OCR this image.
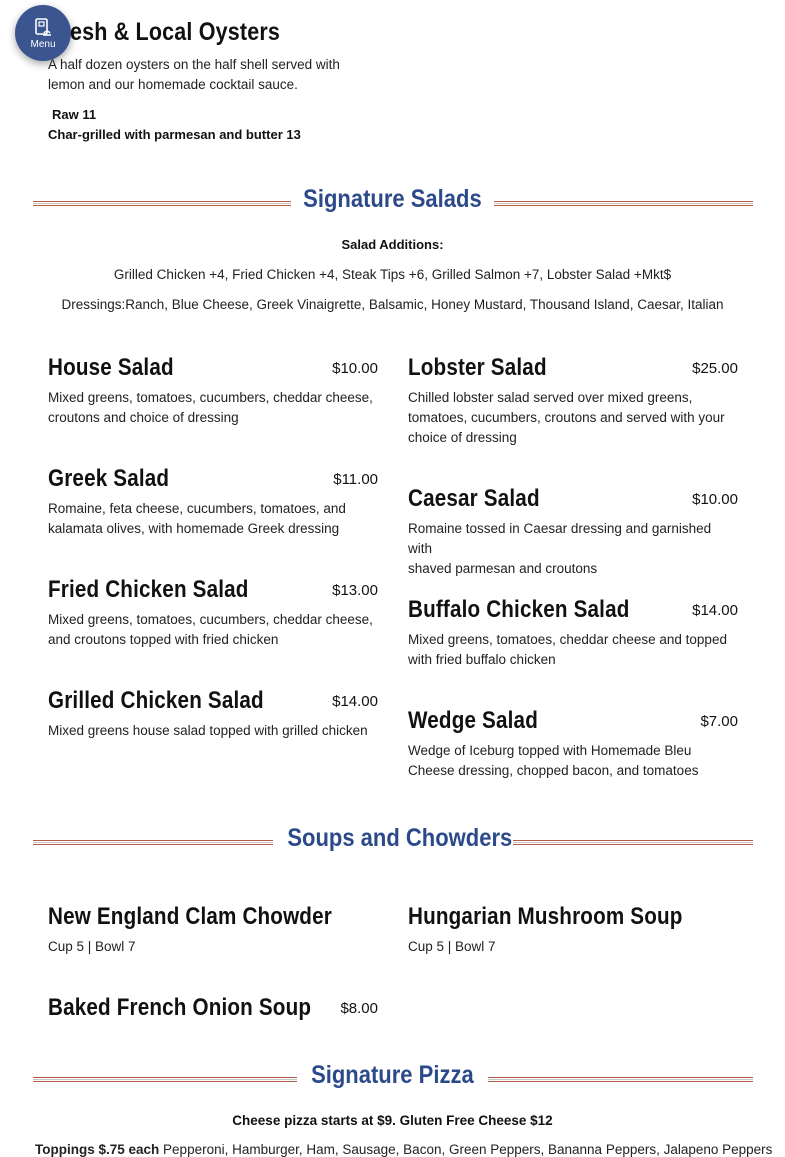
Menu esh & Local Oysters
A half dozen oysters on the half shell served with
lemon and our homemade cocktail sauce.
Raw 11
Char-grilled with parmesan and butter 13
Signature Salads
Salad Additions:
Grilled Chicken +4, Fried Chicken +4, Steak Tips +6, Grilled Salmon +7, Lobster Salad +Mkt$
Dressings:Ranch, Blue Cheese, Greek Vinaigrette, Balsamic, Honey Mustard, Thousand Island, Caesar, Italian
House Salad	$10.00
Mixed greens, tomatoes, cucumbers, cheddar cheese,
croutons and choice of dressing
Greek Salad	$11.00
Romaine, feta cheese, cucumbers, tomatoes, and
kalamata olives, with homemade Greek dressing
Fried Chicken Salad	$13.00
Mixed greens, tomatoes, cucumbers, cheddar cheese,
and croutons topped with fried chicken
Grilled Chicken Salad	$14.00
Mixed greens house salad topped with grilled chicken
Lobster Salad	$25.00
Chilled lobster salad served over mixed greens,
tomatoes, cucumbers, croutons and served with your
choice of dressing
Caesar Salad	$10.00
Romaine tossed in Caesar dressing and garnished with
shaved parmesan and croutons
Buffalo Chicken Salad	$14.00
Mixed greens, tomatoes, cheddar cheese and topped
with fried buffalo chicken
Wedge Salad	$7.00
Wedge of Iceburg topped with Homemade Bleu
Cheese dressing, chopped bacon, and tomatoes
Soups and Chowders
New England Clam Chowder
Cup 5 | Bowl 7
Hungarian Mushroom Soup
Cup 5 | Bowl 7
Baked French Onion Soup $8.00
Signature Pizza
Cheese pizza starts at $9. Gluten Free Cheese $12
Toppings $.75 each Pepperoni, Hamburger, Ham, Sausage, Bacon, Green Peppers, Bananna Peppers, Jalapeno Peppers
